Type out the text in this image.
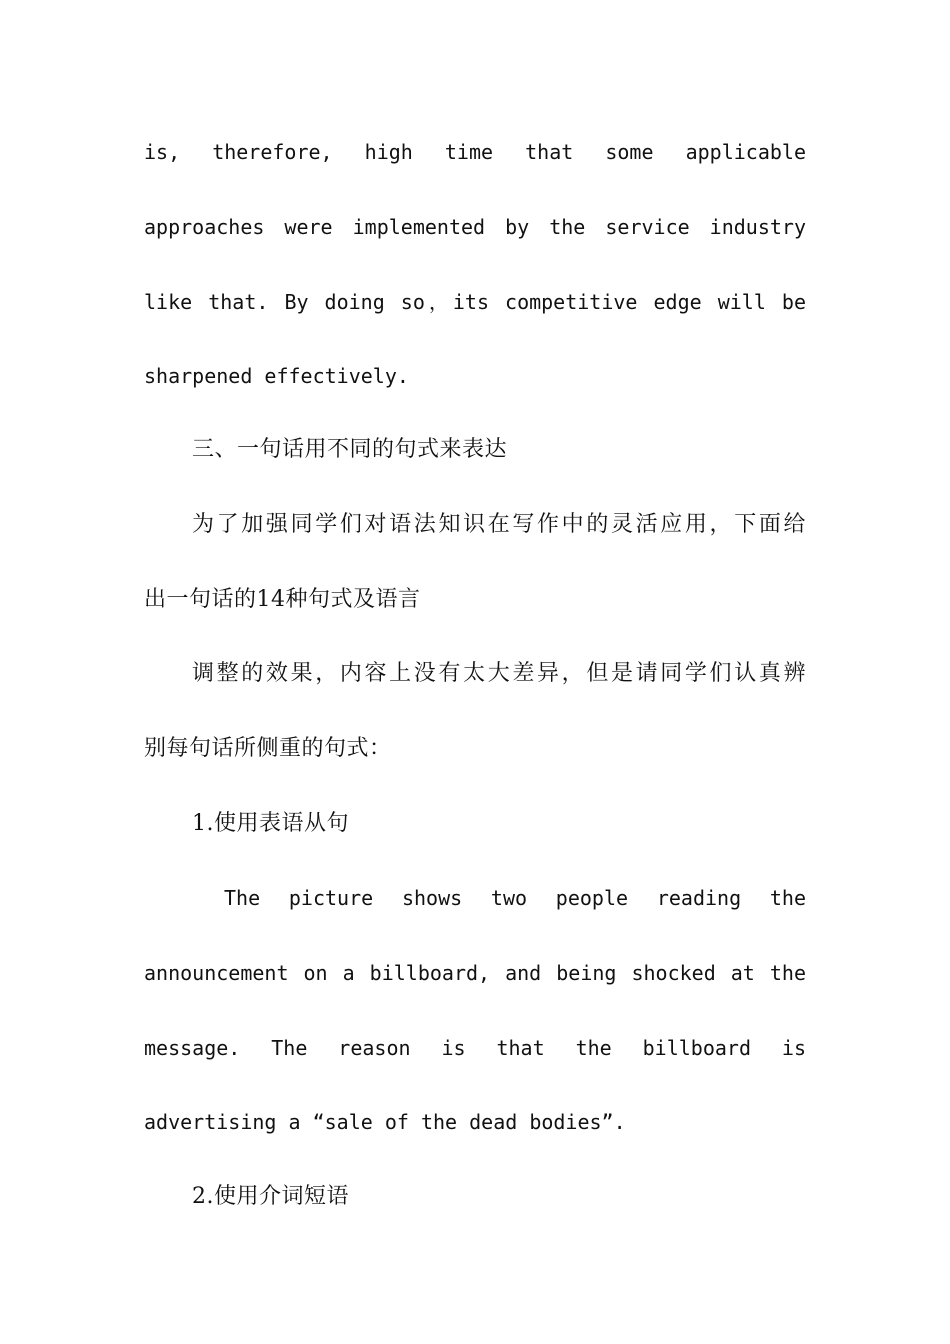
is, therefore, high time that some applicable
approaches were implemented by the service industry
like that. By doing so，its competitive edge will be
sharpened effectively.
三、一句话用不同的句式来表达
为了加强同学们对语法知识在写作中的灵活应用，下面给
出一句话的14种句式及语言
调整的效果，内容上没有太大差异，但是请同学们认真辨
别每句话所侧重的句式：
1.使用表语从句
The picture shows two people reading the
announcement on a billboard, and being shocked at the
message. The reason is that the billboard is
advertising a “sale of the dead bodies”.
2.使用介词短语
